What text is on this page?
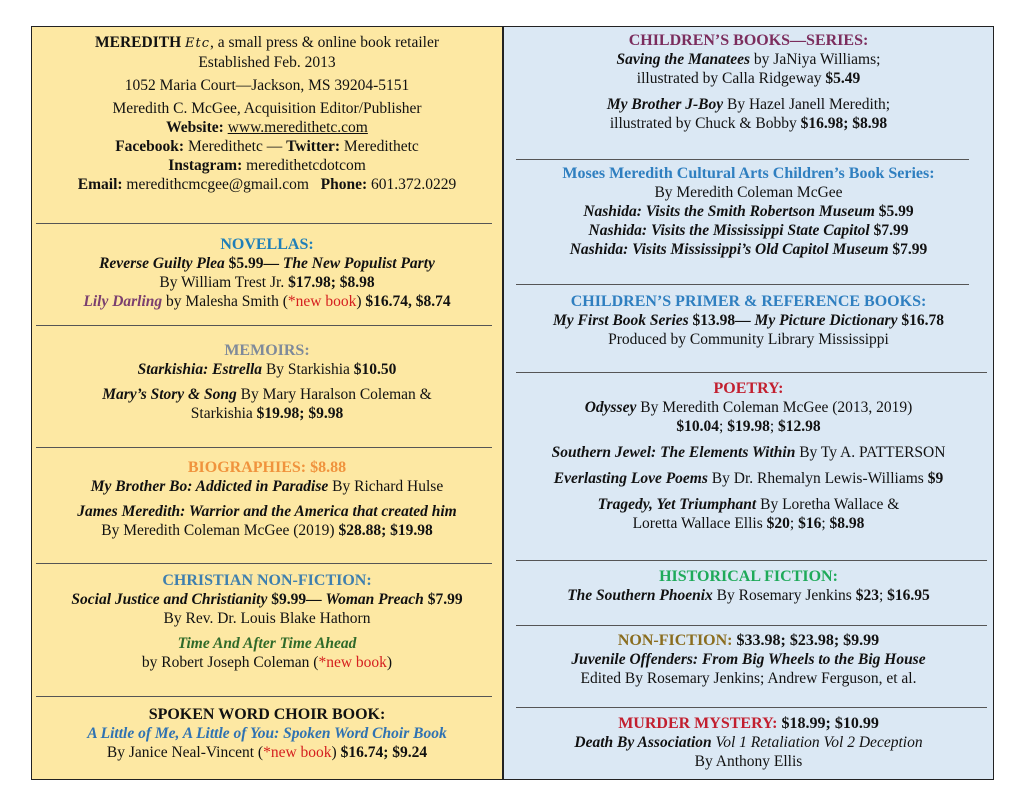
MEREDITH Etc, a small press & online book retailer
Established Feb. 2013
1052 Maria Court—Jackson, MS 39204-5151
Meredith C. McGee, Acquisition Editor/Publisher
Website: www.meredithetc.com
Facebook: Meredithetc — Twitter: Meredithetc
Instagram: meredithetcdotcom
Email: meredithcmcgee@gmail.com Phone: 601.372.0229
NOVELLAS:
Reverse Guilty Plea $5.99— The New Populist Party
By William Trest Jr. $17.98; $8.98
Lily Darling by Malesha Smith (*new book) $16.74, $8.74
MEMOIRS:
Starkishia: Estrella By Starkishia $10.50
Mary’s Story & Song By Mary Haralson Coleman &
Starkishia $19.98; $9.98
BIOGRAPHIES: $8.88
My Brother Bo: Addicted in Paradise By Richard Hulse
James Meredith: Warrior and the America that created him
By Meredith Coleman McGee (2019) $28.88; $19.98
CHRISTIAN NON-FICTION:
Social Justice and Christianity $9.99— Woman Preach $7.99
By Rev. Dr. Louis Blake Hathorn
Time And After Time Ahead
by Robert Joseph Coleman (*new book)
SPOKEN WORD CHOIR BOOK:
A Little of Me, A Little of You: Spoken Word Choir Book
By Janice Neal-Vincent (*new book) $16.74; $9.24
CHILDREN’S BOOKS—SERIES:
Saving the Manatees by JaNiya Williams;
illustrated by Calla Ridgeway $5.49
My Brother J-Boy By Hazel Janell Meredith;
illustrated by Chuck & Bobby $16.98; $8.98
Moses Meredith Cultural Arts Children’s Book Series:
By Meredith Coleman McGee
Nashida: Visits the Smith Robertson Museum $5.99
Nashida: Visits the Mississippi State Capitol $7.99
Nashida: Visits Mississippi’s Old Capitol Museum $7.99
CHILDREN’S PRIMER & REFERENCE BOOKS:
My First Book Series $13.98— My Picture Dictionary $16.78
Produced by Community Library Mississippi
POETRY:
Odyssey By Meredith Coleman McGee (2013, 2019)
$10.04; $19.98; $12.98
Southern Jewel: The Elements Within By Ty A. PATTERSON
Everlasting Love Poems By Dr. Rhemalyn Lewis-Williams $9
Tragedy, Yet Triumphant By Loretha Wallace &
Loretta Wallace Ellis $20; $16; $8.98
HISTORICAL FICTION:
The Southern Phoenix By Rosemary Jenkins $23; $16.95
NON-FICTION: $33.98; $23.98; $9.99
Juvenile Offenders: From Big Wheels to the Big House
Edited By Rosemary Jenkins; Andrew Ferguson, et al.
MURDER MYSTERY: $18.99; $10.99
Death By Association Vol 1 Retaliation Vol 2 Deception
By Anthony Ellis
